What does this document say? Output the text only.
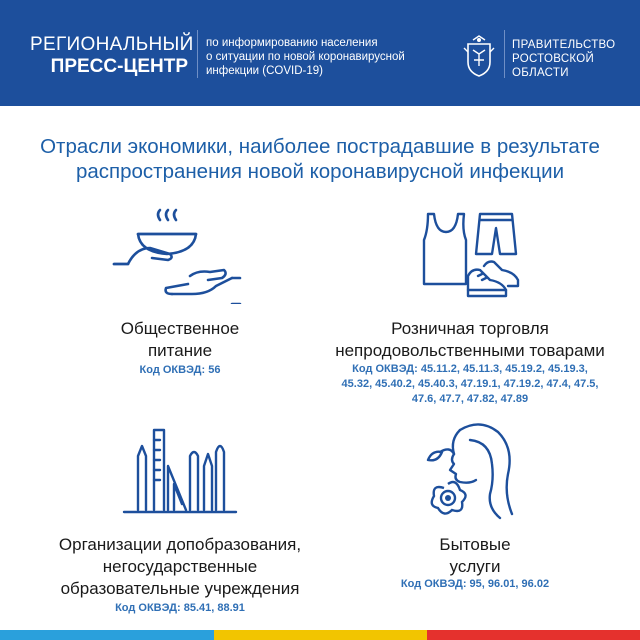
РЕГИОНАЛЬНЫЙ
ПРЕСС-ЦЕНТР
по информированию населения
о ситуации по новой коронавирусной
инфекции (COVID-19)
ПРАВИТЕЛЬСТВО
РОСТОВСКОЙ
ОБЛАСТИ
Отрасли экономики, наиболее пострадавшие в результате
распространения новой коронавирусной инфекции
Общественное
питание
Код ОКВЭД: 56
Розничная торговля
непродовольственными товарами
Код ОКВЭД: 45.11.2, 45.11.3, 45.19.2, 45.19.3,
45.32, 45.40.2, 45.40.3, 47.19.1, 47.19.2, 47.4, 47.5,
47.6, 47.7, 47.82, 47.89
Организации допобразования,
негосударственные
образовательные учреждения
Код ОКВЭД: 85.41, 88.91
Бытовые
услуги
Код ОКВЭД: 95, 96.01, 96.02
